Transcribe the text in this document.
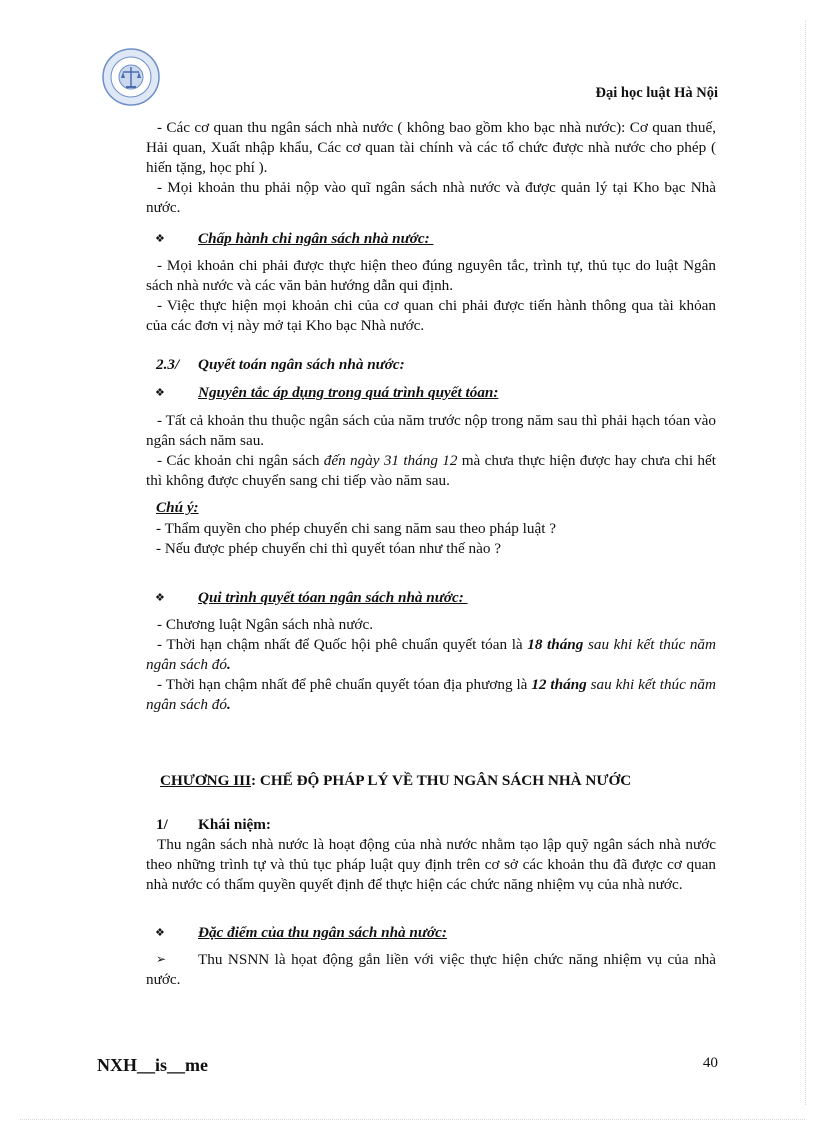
Đại học luật Hà Nội

- Các cơ quan thu ngân sách nhà nước ( không bao gồm kho bạc nhà nước): Cơ quan thuế, Hải quan, Xuất nhập khẩu, Các cơ quan tài chính và các tổ chức được nhà nước cho phép ( hiến tặng, học phí ).

- Mọi khoản thu phải nộp vào quĩ ngân sách nhà nước và được quản lý tại Kho bạc Nhà nước.

❖ Chấp hành chi ngân sách nhà nước:

- Mọi khoản chi phải được thực hiện theo đúng nguyên tắc, trình tự, thủ tục do luật Ngân sách nhà nước và các văn bản hướng dẫn qui định.

- Việc thực hiện mọi khoản chi của cơ quan chi phải được tiến hành thông qua tài khỏan của các đơn vị này mở tại Kho bạc Nhà nước.

2.3/ Quyết toán ngân sách nhà nước:
❖ Nguyên tắc áp dụng trong quá trình quyết tóan:

- Tất cả khoản thu thuộc ngân sách của năm trước nộp trong năm sau thì phải hạch tóan vào ngân sách năm sau.

- Các khoản chi ngân sách đến ngày 31 tháng 12 mà chưa thực hiện được hay chưa chi hết thì không được chuyển sang chi tiếp vào năm sau.

Chú ý:

- Thẩm quyền cho phép chuyển chi sang năm sau theo pháp luật ?

- Nếu được phép chuyển chi thì quyết tóan như thế nào ?

❖ Qui trình quyết tóan ngân sách nhà nước:

- Chương luật Ngân sách nhà nước.

- Thời hạn chậm nhất để Quốc hội phê chuẩn quyết tóan là 18 tháng sau khi kết thúc năm ngân sách đó.

- Thời hạn chậm nhất để phê chuẩn quyết tóan địa phương là 12 tháng sau khi kết thúc năm ngân sách đó.

CHƯƠNG III: CHẾ ĐỘ PHÁP LÝ VỀ THU NGÂN SÁCH NHÀ NƯỚC
1/ Khái niệm:

Thu ngân sách nhà nước là hoạt động của nhà nước nhằm tạo lập quỹ ngân sách nhà nước theo những trình tự và thủ tục pháp luật quy định trên cơ sở các khoản thu đã được cơ quan nhà nước có thẩm quyền quyết định để thực hiện các chức năng nhiệm vụ của nhà nước.

❖ Đặc điểm của thu ngân sách nhà nước:
➢	Thu NSNN là họat động gắn liền với việc thực hiện chức năng nhiệm vụ của nhà nước.

NXH__is__me	40
